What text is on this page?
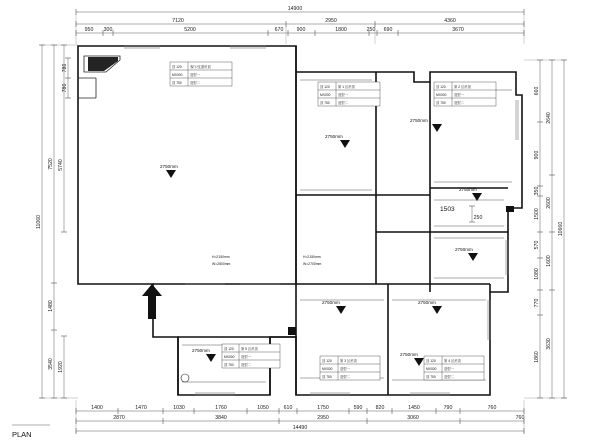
14900
7120	2950	4360
950 300	5200	670	900	1800	250 690	3670
11060
7520
1480
3540
5740
1920
660
900
350
1500
570
1080
770
1860
2640
2600
1600
3630
10660
780
780
760
1400	1470	1030	1760	1050	610	1750	590	820	1450	790	760
2870	3840	2950	3060
14490
2750mm
2750mm
2750mm
2750mm
2750mm
2750mm
2750mm	2750mm
2750mm
1503
250
顶 120	客厅/过道吊顶
MX000 造型一
顶 750	造型二
顶 120	第 1 区吊顶
MX000 造型一
顶 750	造型二
顶 120	第 2 区吊顶
MX000 造型一
顶 750	造型二
顶 120 第 5 区吊顶
MX000 造型一
顶 750 造型二
顶 120	第 3 区吊顶
MX000 造型一
顶 750	造型二
顶 120	第 4 区吊顶
MX000 造型一
顶 750	造型二
H=2150mm
W=2800mm
H=2150mm
W=2700mm
PLAN
